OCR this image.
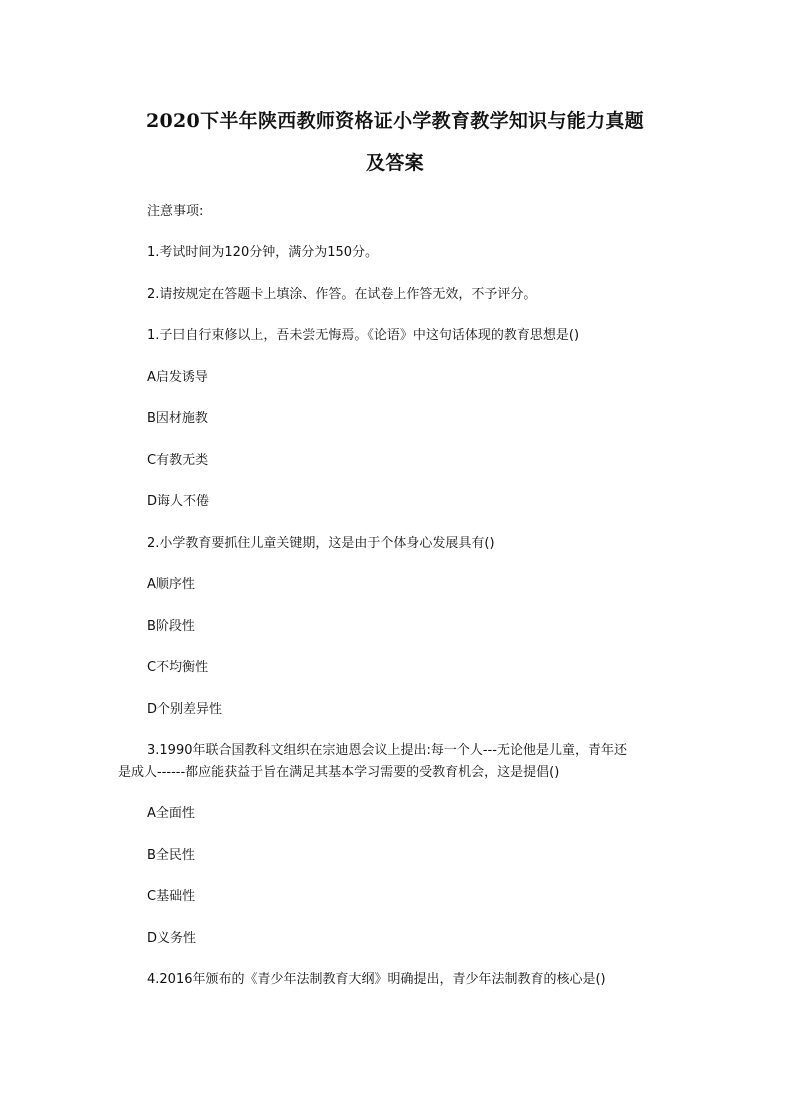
2020下半年陕西教师资格证小学教育教学知识与能力真题
及答案
注意事项:
1.考试时间为120分钟，满分为150分。
2.请按规定在答题卡上填涂、作答。在试卷上作答无效，不予评分。
1.子曰自行束修以上，吾未尝无悔焉。《论语》中这句话体现的教育思想是()
A启发诱导
B因材施教
C有教无类
D诲人不倦
2.小学教育要抓住儿童关键期，这是由于个体身心发展具有()
A顺序性
B阶段性
C不均衡性
D个别差异性
3.1990年联合国教科文组织在宗迪恩会议上提出:每一个人---无论他是儿童，青年还
是成人------都应能获益于旨在满足其基本学习需要的受教育机会，这是提倡()
A全面性
B全民性
C基础性
D义务性
4.2016年颁布的《青少年法制教育大纲》明确提出，青少年法制教育的核心是()
